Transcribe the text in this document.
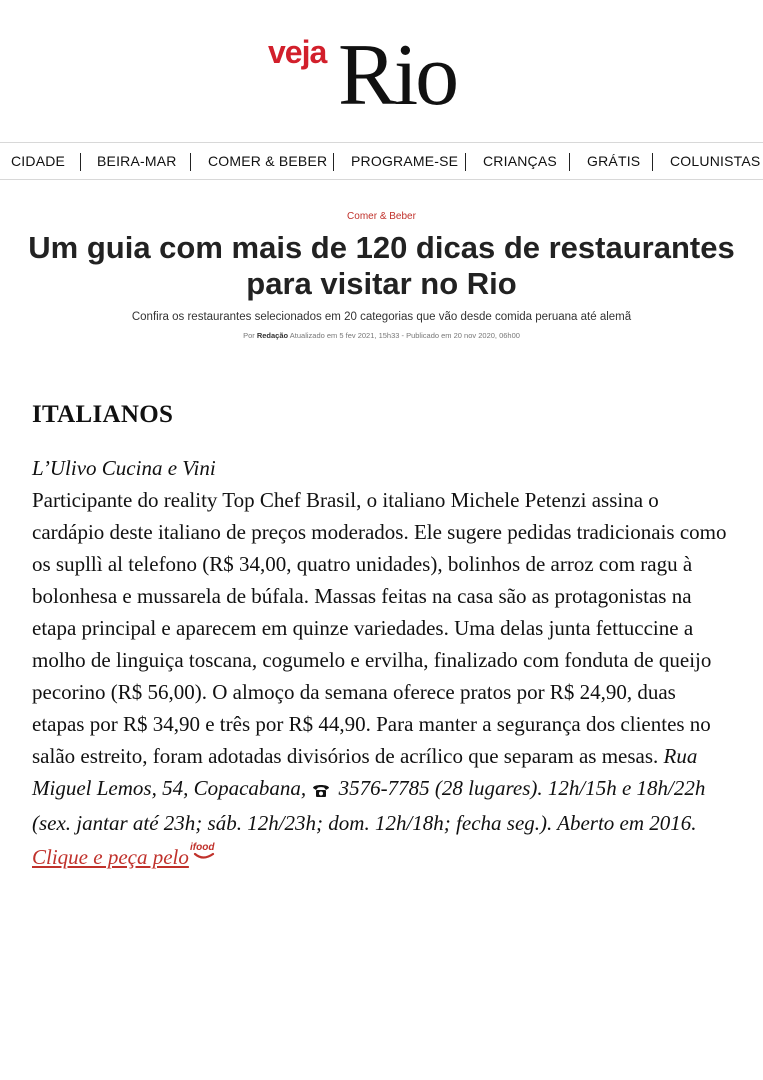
veja Rio
CIDADE BEIRA-MAR COMER & BEBER PROGRAME-SE CRIANÇAS GRÁTIS COLUNISTAS
Comer & Beber
Um guia com mais de 120 dicas de restaurantes
para visitar no Rio
Confira os restaurantes selecionados em 20 categorias que vão desde comida peruana até alemã
Por Redação Atualizado em 5 fev 2021, 15h33 - Publicado em 20 nov 2020, 06h00
ITALIANOS
L’Ulivo Cucina e Vini
Participante do reality Top Chef Brasil, o italiano Michele Petenzi assina o cardápio deste italiano de preços moderados. Ele sugere pedidas tradicionais como os supllì al telefono (R$ 34,00, quatro unidades), bolinhos de arroz com ragu à bolonhesa e mussarela de búfala. Massas feitas na casa são as protagonistas na etapa principal e aparecem em quinze variedades. Uma delas junta fettuccine a molho de linguiça toscana, cogumelo e ervilha, finalizado com fonduta de queijo pecorino (R$ 56,00). O almoço da semana oferece pratos por R$ 24,90, duas etapas por R$ 34,90 e três por R$ 44,90. Para manter a segurança dos clientes no salão estreito, foram adotadas divisórios de acrílico que separam as mesas. Rua Miguel Lemos, 54, Copacabana, 3576-7785 (28 lugares). 12h/15h e 18h/22h (sex. jantar até 23h; sáb. 12h/23h; dom. 12h/18h; fecha seg.). Aberto em 2016. Clique e peça pelo ifood
